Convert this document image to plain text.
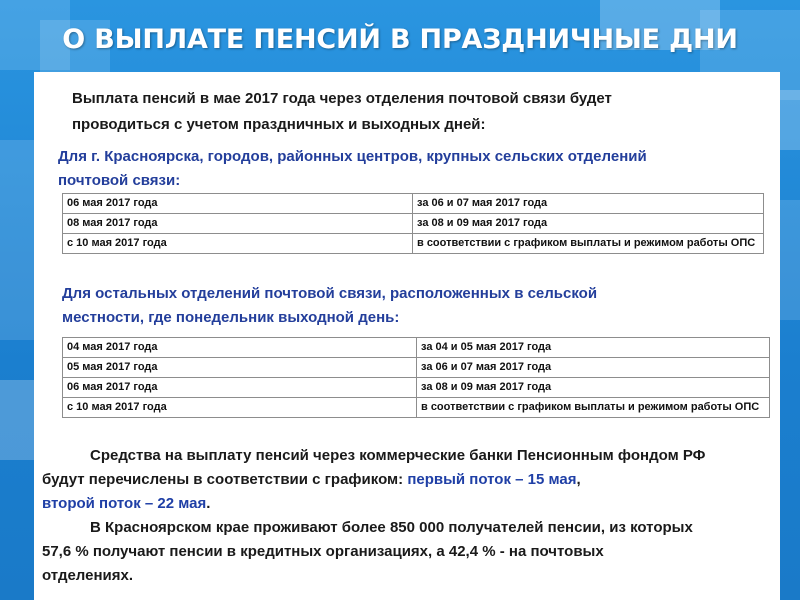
О ВЫПЛАТЕ ПЕНСИЙ В ПРАЗДНИЧНЫЕ ДНИ
Выплата пенсий в мае 2017 года через отделения почтовой связи будет
проводиться с учетом праздничных и выходных дней:
Для г. Красноярска, городов, районных центров, крупных сельских отделений
почтовой связи:
06 мая 2017 года	за 06 и 07 мая 2017 года
08 мая 2017 года	за 08 и 09 мая 2017 года
с 10 мая 2017 года	в соответствии с графиком выплаты и режимом работы ОПС
Для остальных отделений почтовой связи, расположенных в сельской
местности, где понедельник выходной день:
04 мая 2017 года	за 04 и 05 мая 2017 года
05 мая 2017 года	за 06 и 07 мая 2017 года
06 мая 2017 года	за 08 и 09 мая 2017 года
с 10 мая 2017 года	в соответствии с графиком выплаты и режимом работы ОПС
Средства на выплату пенсий через коммерческие банки Пенсионным фондом РФ
будут перечислены в соответствии с графиком: первый поток – 15 мая,
второй поток – 22 мая.
В Красноярском крае проживают более 850 000 получателей пенсии, из которых
57,6 % получают пенсии в кредитных организациях, а 42,4 % - на почтовых
отделениях.
